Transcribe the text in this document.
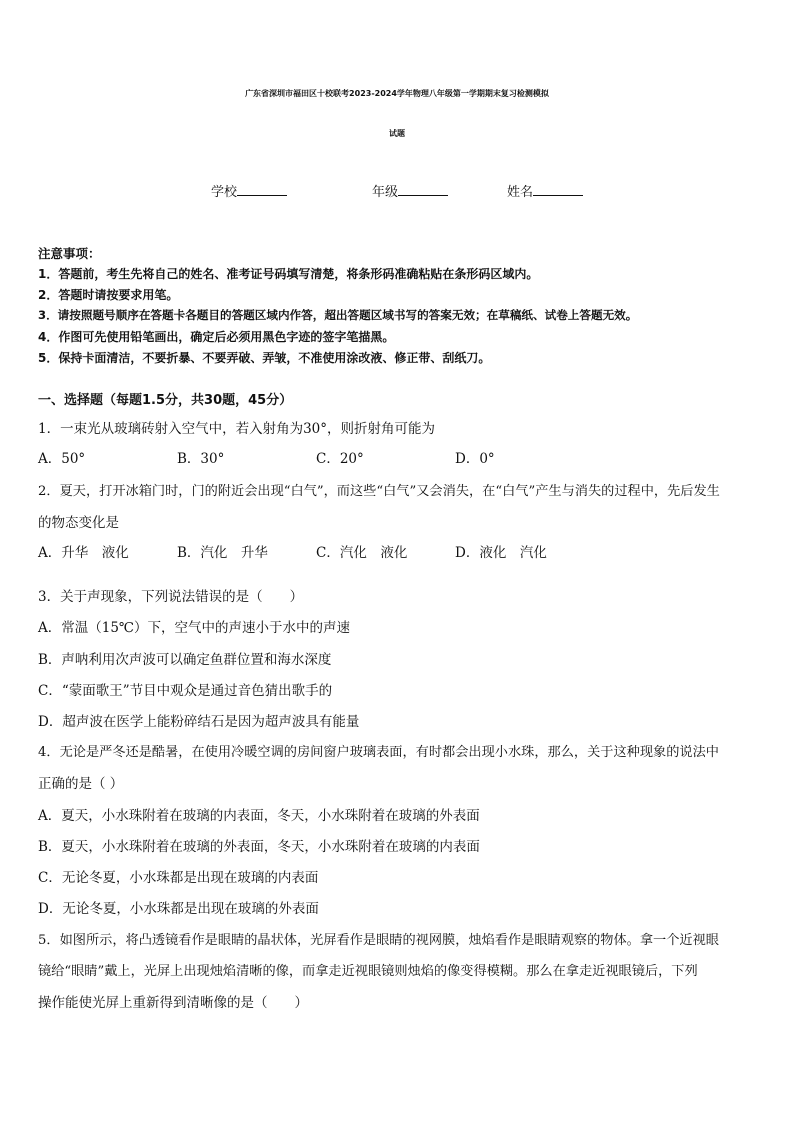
广东省深圳市福田区十校联考2023-2024学年物理八年级第一学期期末复习检测模拟
试题
学校	年级	姓名
注意事项：
1．答题前，考生先将自己的姓名、准考证号码填写清楚，将条形码准确粘贴在条形码区域内。
2．答题时请按要求用笔。
3．请按照题号顺序在答题卡各题目的答题区域内作答，超出答题区域书写的答案无效；在草稿纸、试卷上答题无效。
4．作图可先使用铅笔画出，确定后必须用黑色字迹的签字笔描黑。
5．保持卡面清洁，不要折暴、不要弄破、弄皱，不准使用涂改液、修正带、刮纸刀。
一、选择题（每题1.5分，共30题，45分）
1．一束光从玻璃砖射入空气中，若入射角为30°，则折射角可能为
A．50°	B．30°	C．20°	D．0°
2．夏天，打开冰箱门时，门的附近会出现“白气”，而这些“白气”又会消失，在“白气”产生与消失的过程中，先后发生
的物态变化是
A．升华　液化	B．汽化　升华	C．汽化　液化	D．液化　汽化
3．关于声现象，下列说法错误的是（　　）
A．常温（15℃）下，空气中的声速小于水中的声速
B．声呐利用次声波可以确定鱼群位置和海水深度
C．“蒙面歌王”节目中观众是通过音色猜出歌手的
D．超声波在医学上能粉碎结石是因为超声波具有能量
4．无论是严冬还是酷暑，在使用冷暖空调的房间窗户玻璃表面，有时都会出现小水珠，那么，关于这种现象的说法中
正确的是（ ）
A．夏天，小水珠附着在玻璃的内表面，冬天，小水珠附着在玻璃的外表面
B．夏天，小水珠附着在玻璃的外表面，冬天，小水珠附着在玻璃的内表面
C．无论冬夏，小水珠都是出现在玻璃的内表面
D．无论冬夏，小水珠都是出现在玻璃的外表面
5．如图所示，将凸透镜看作是眼睛的晶状体，光屏看作是眼睛的视网膜，烛焰看作是眼睛观察的物体。拿一个近视眼
镜给“眼睛”戴上，光屏上出现烛焰清晰的像，而拿走近视眼镜则烛焰的像变得模糊。那么在拿走近视眼镜后，下列
操作能使光屏上重新得到清晰像的是（　　）
